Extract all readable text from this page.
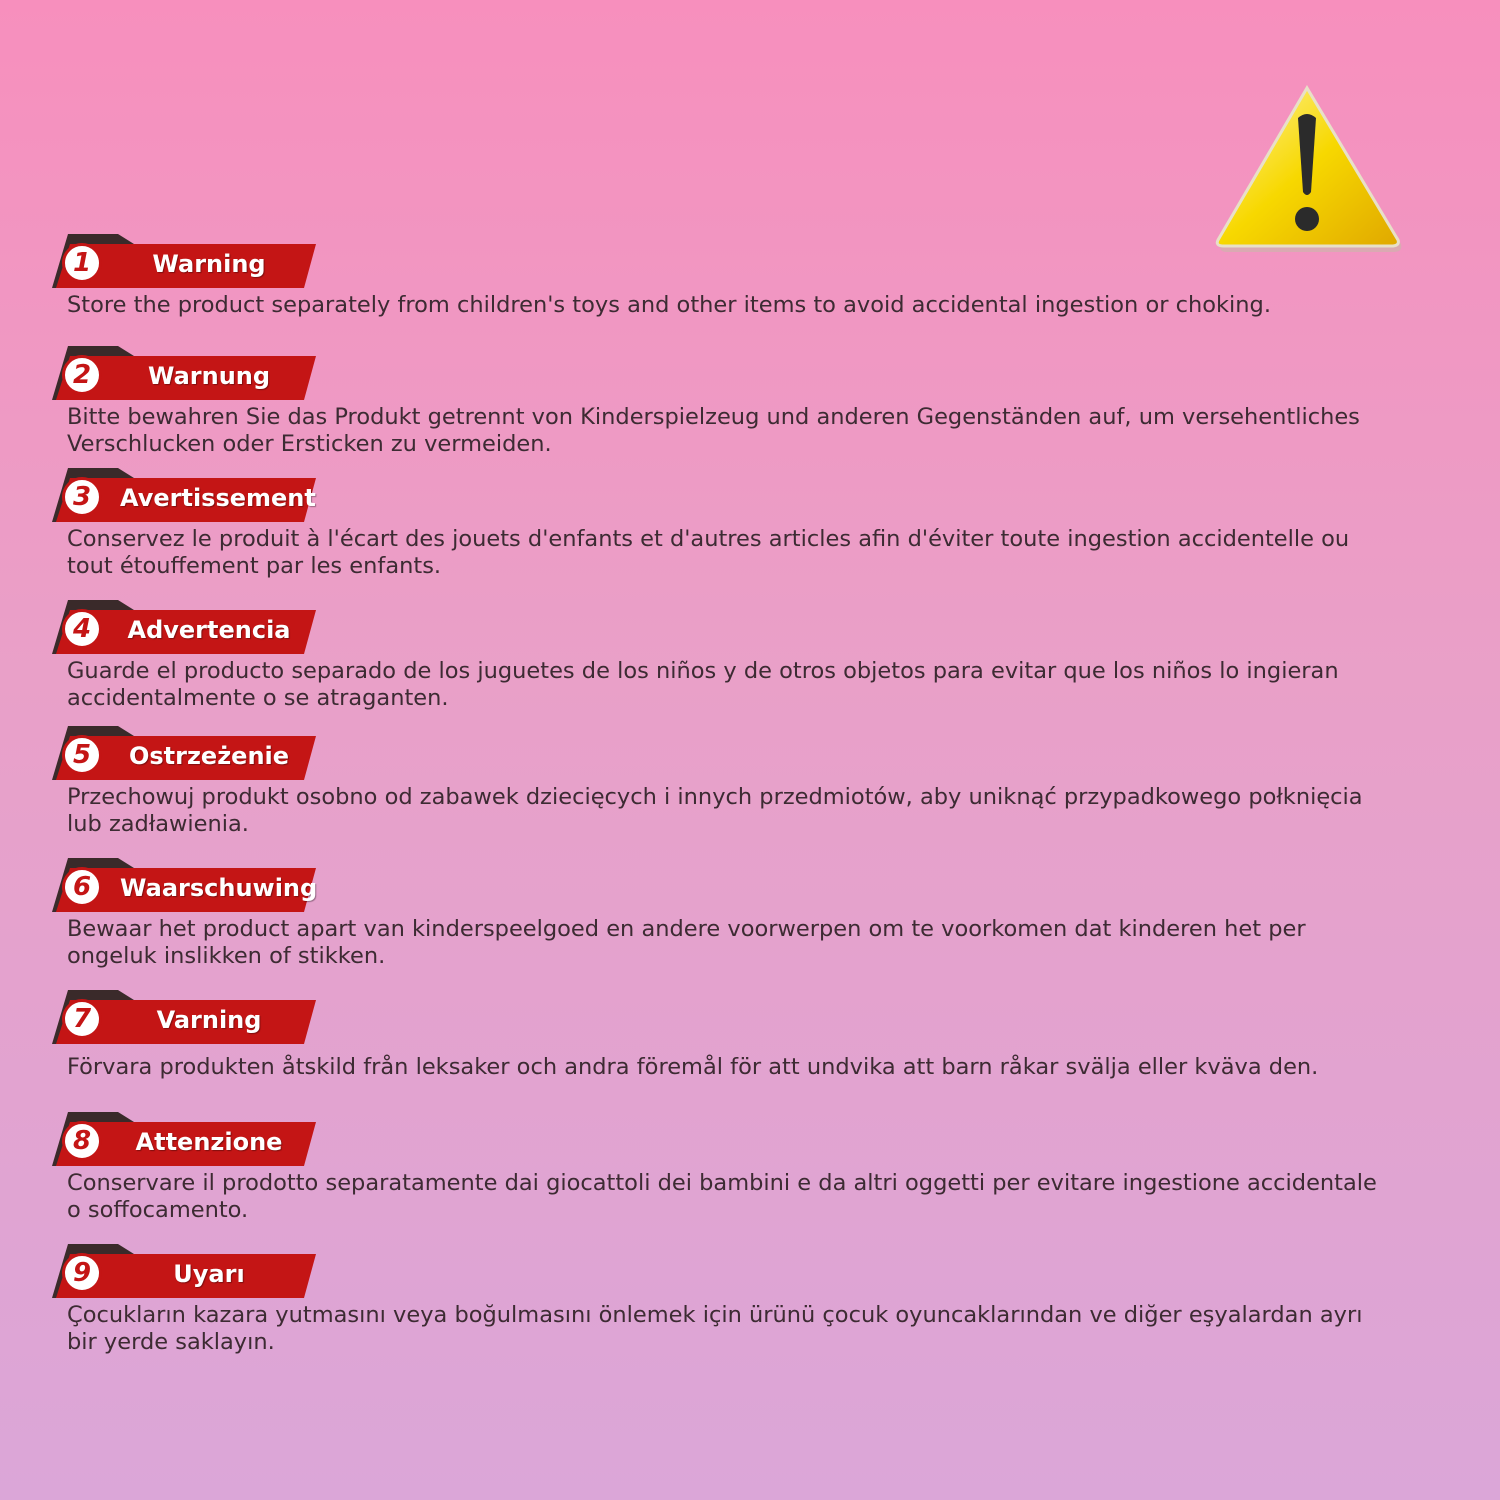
1	Warning
Store the product separately from children's toys and other items to avoid accidental ingestion or choking.
2	Warnung
Bitte bewahren Sie das Produkt getrennt von Kinderspielzeug und anderen Gegenständen auf, um versehentliches Verschlucken oder Ersticken zu vermeiden.
3	Avertissement
Conservez le produit à l'écart des jouets d'enfants et d'autres articles afin d'éviter toute ingestion accidentelle ou tout étouffement par les enfants.
4	Advertencia
Guarde el producto separado de los juguetes de los niños y de otros objetos para evitar que los niños lo ingieran accidentalmente o se atraganten.
5	Ostrzeżenie
Przechowuj produkt osobno od zabawek dziecięcych i innych przedmiotów, aby uniknąć przypadkowego połknięcia lub zadławienia.
6	Waarschuwing
Bewaar het product apart van kinderspeelgoed en andere voorwerpen om te voorkomen dat kinderen het per ongeluk inslikken of stikken.
7	Varning
Förvara produkten åtskild från leksaker och andra föremål för att undvika att barn råkar svälja eller kväva den.
8	Attenzione
Conservare il prodotto separatamente dai giocattoli dei bambini e da altri oggetti per evitare ingestione accidentale o soffocamento.
9	Uyarı
Çocukların kazara yutmasını veya boğulmasını önlemek için ürünü çocuk oyuncaklarından ve diğer eşyalardan ayrı bir yerde saklayın.
